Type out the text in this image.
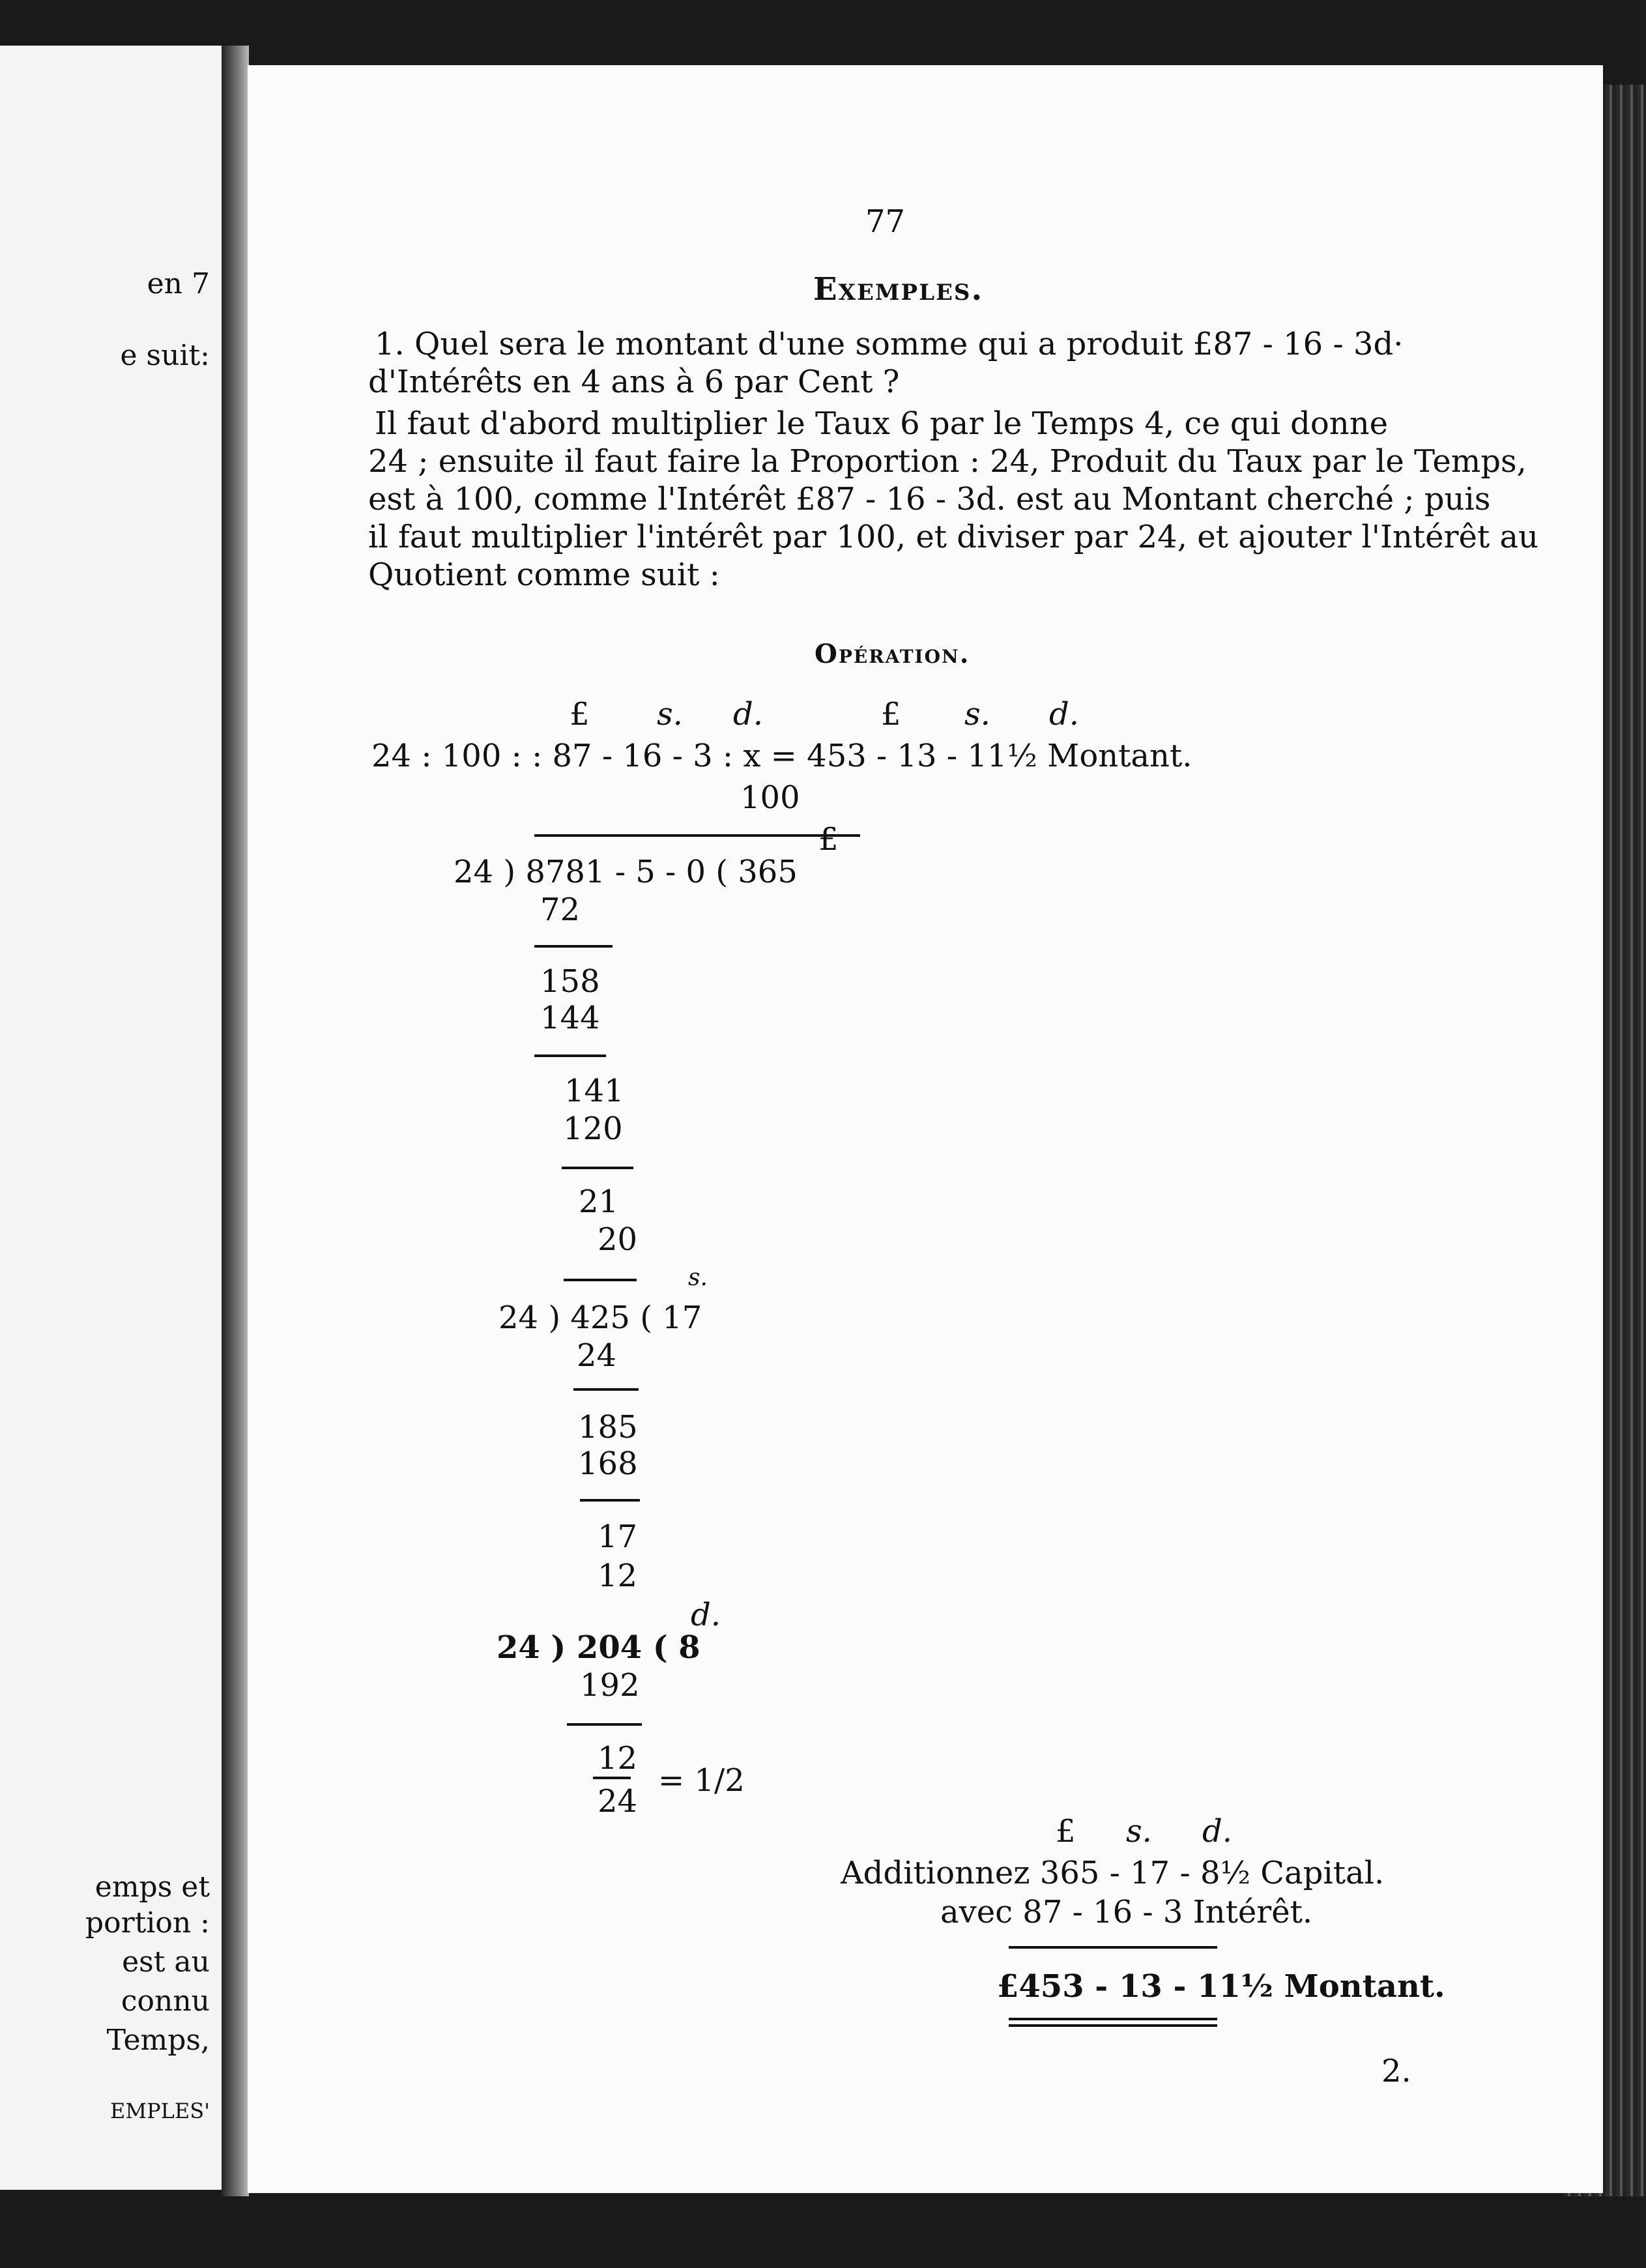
en 7
e suit:
emps et
portion :
est au
connu
Temps,
EMPLES'
77
Exemples.
1. Quel sera le montant d'une somme qui a produit £87 - 16 - 3d·
d'Intérêts en 4 ans à 6 par Cent ?
Il faut d'abord multiplier le Taux 6 par le Temps 4, ce qui donne
24 ; ensuite il faut faire la Proportion : 24, Produit du Taux par le Temps,
est à 100, comme l'Intérêt £87 - 16 - 3d. est au Montant cherché ; puis
il faut multiplier l'intérêt par 100, et diviser par 24, et ajouter l'Intérêt au
Quotient comme suit :
Opération.
£ s. d.	£ s. d.
24 : 100 : : 87 - 16 - 3 : x = 453 - 13 - 11½ Montant.
100
£
24 ) 8781 - 5 - 0 ( 365
72
158
144
141
120
21
20
s.
24 ) 425 ( 17
24
185
168
17
12
d.
24 ) 204 ( 8
192
12
24
= 1/2
£ s. d.
Additionnez 365 - 17 - 8½ Capital.
avec 87 - 16 - 3 Intérêt.
£453 - 13 - 11½ Montant.
2.
